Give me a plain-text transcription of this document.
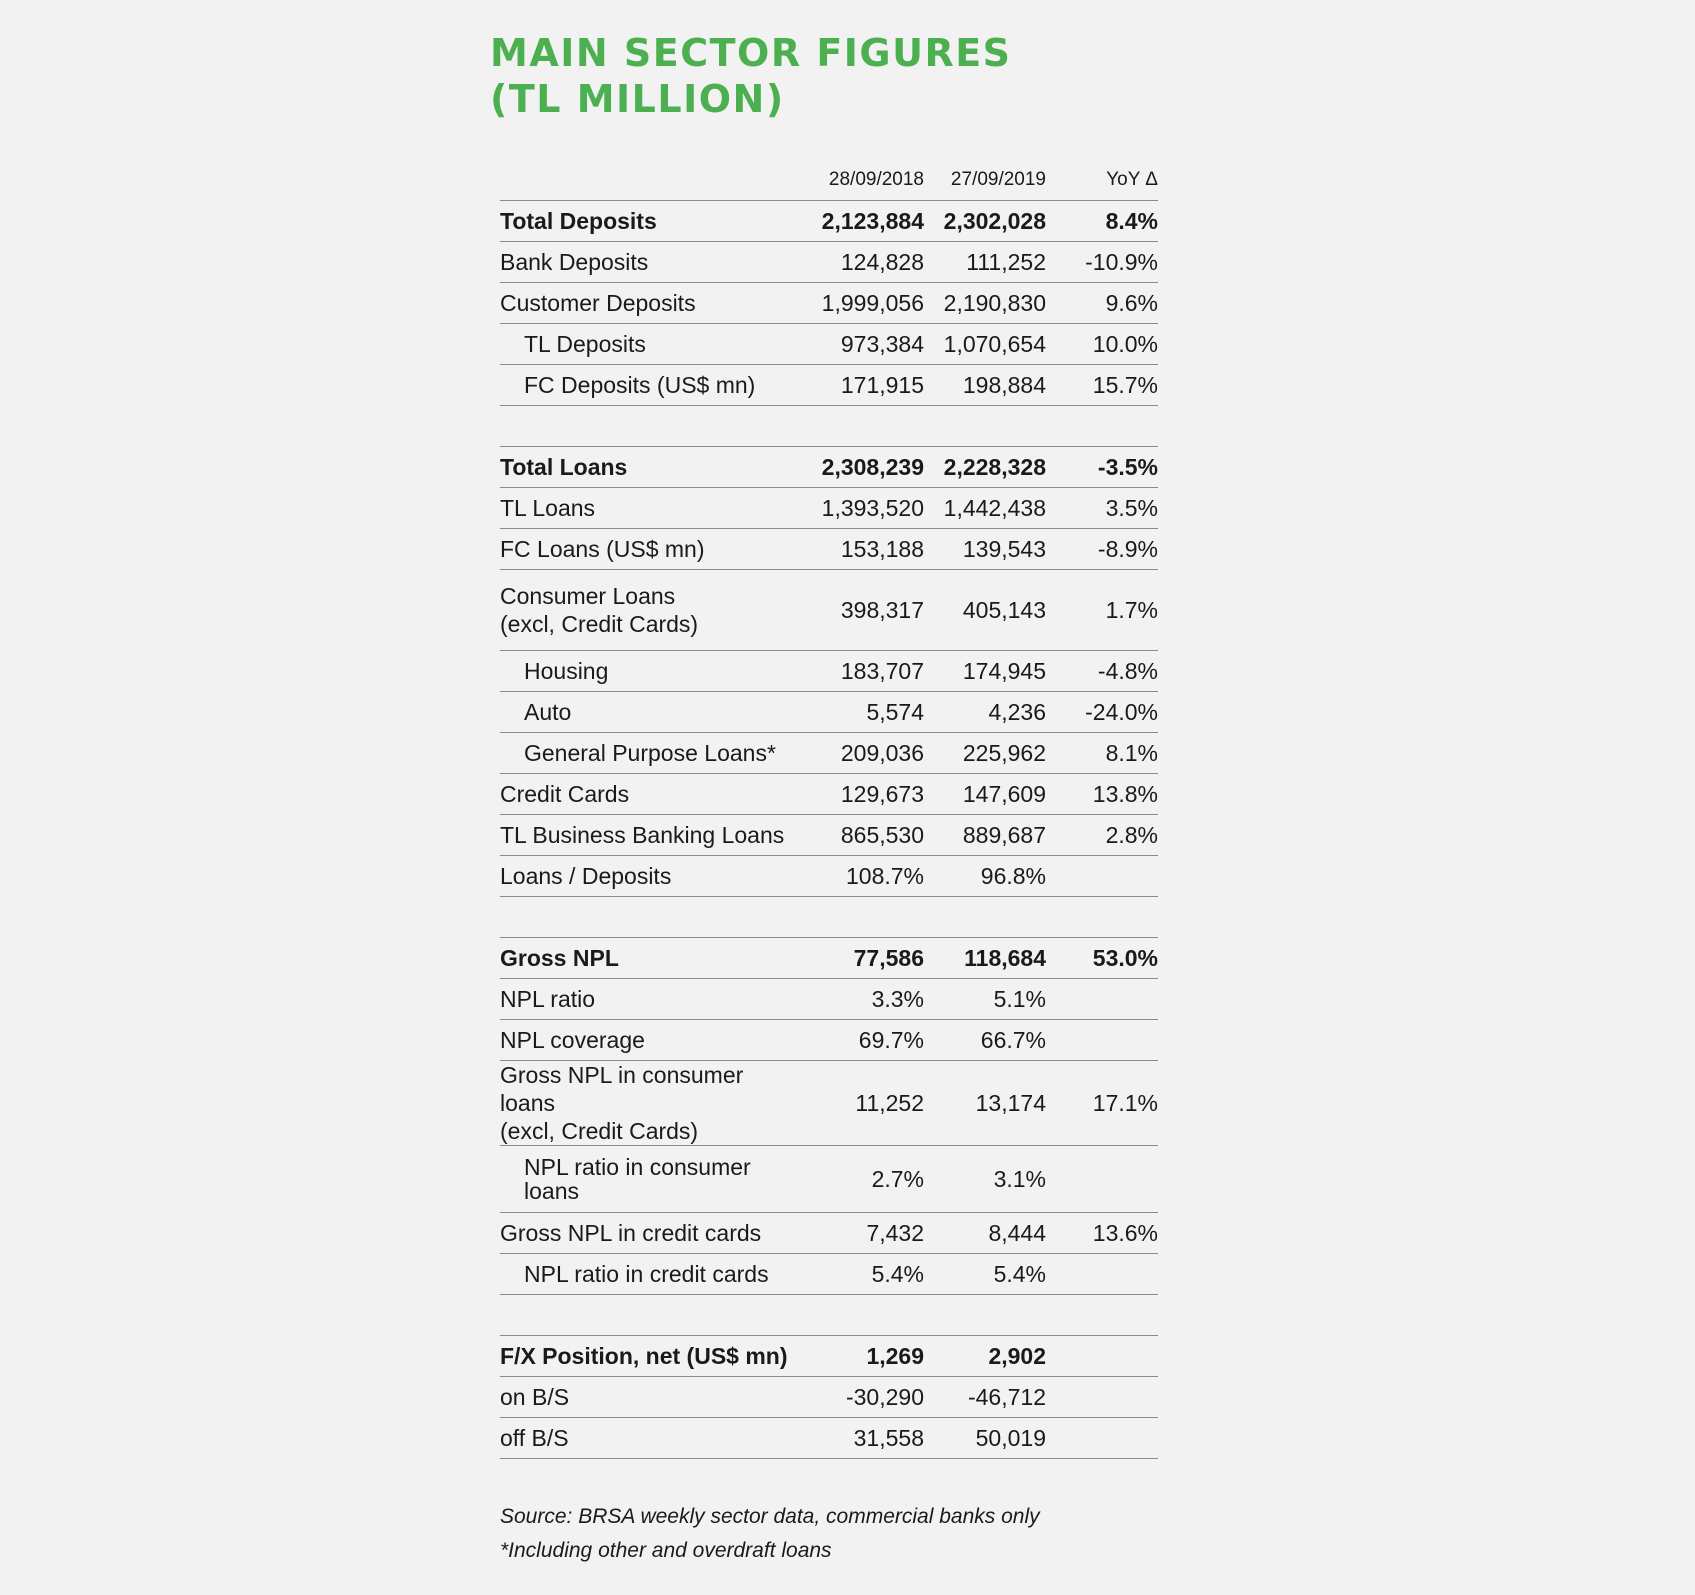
MAIN SECTOR FIGURES
(TL MILLION)
	28/09/2018	27/09/2019	YoY Δ
Total Deposits	2,123,884	2,302,028	8.4%
Bank Deposits	124,828	111,252	-10.9%
Customer Deposits	1,999,056	2,190,830	9.6%
TL Deposits	973,384	1,070,654	10.0%
FC Deposits (US$ mn)	171,915	198,884	15.7%

Total Loans	2,308,239	2,228,328	-3.5%
TL Loans	1,393,520	1,442,438	3.5%
FC Loans (US$ mn)	153,188	139,543	-8.9%
Consumer Loans
(excl, Credit Cards)	398,317	405,143	1.7%
Housing	183,707	174,945	-4.8%
Auto	5,574	4,236	-24.0%
General Purpose Loans*	209,036	225,962	8.1%
Credit Cards	129,673	147,609	13.8%
TL Business Banking Loans	865,530	889,687	2.8%
Loans / Deposits	108.7%	96.8%	

Gross NPL	77,586	118,684	53.0%
NPL ratio	3.3%	5.1%	
NPL coverage	69.7%	66.7%	
Gross NPL in consumer
loans
(excl, Credit Cards)	11,252	13,174	17.1%
NPL ratio in consumer
loans	2.7%	3.1%	
Gross NPL in credit cards	7,432	8,444	13.6%
NPL ratio in credit cards	5.4%	5.4%	

F/X Position, net (US$ mn)	1,269	2,902	
on B/S	-30,290	-46,712	
off B/S	31,558	50,019	
Source: BRSA weekly sector data, commercial banks only
*Including other and overdraft loans
